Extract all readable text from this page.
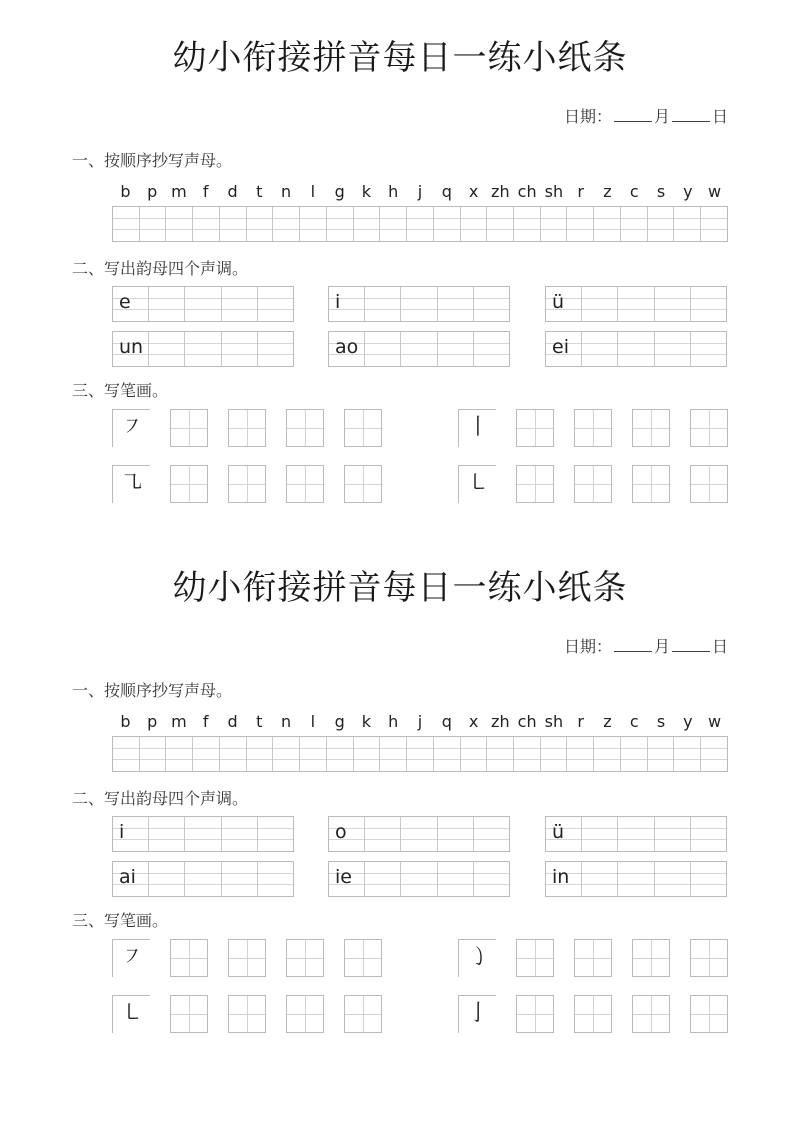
幼小衔接拼音每日一练小纸条
日期：	月	日
一、按顺序抄写声母。
b	p m	f	d	t	n	l	g	k	h	j	q	x zh ch sh r	z	c	s	y w
二、写出韵母四个声调。
e	i	ü
un	ao	ei
三、写笔画。
㇇	丨
㇈	㇄
幼小衔接拼音每日一练小纸条
日期：	月	日
一、按顺序抄写声母。
b	p m	f	d	t	n	l	g	k	h	j	q	x zh ch sh r	z	c	s	y w
二、写出韵母四个声调。
i	o	ü
ai	ie	in
三、写笔画。
㇇	㇁
㇄	亅
